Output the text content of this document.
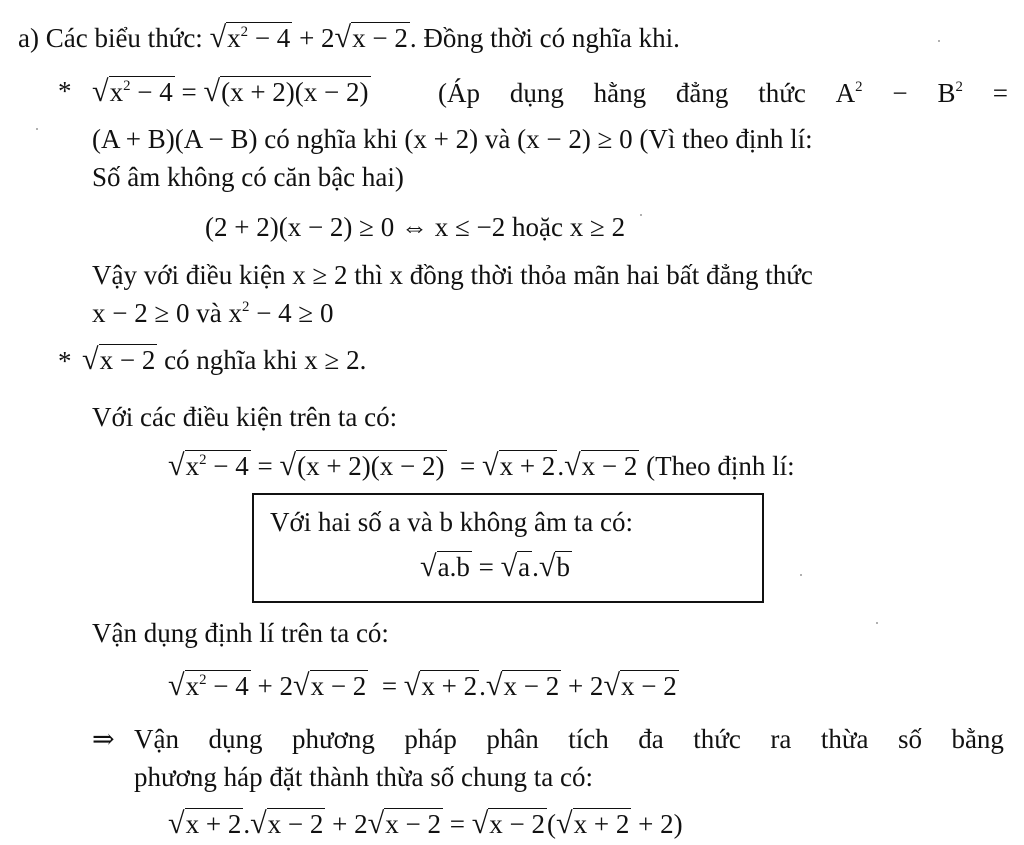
a) Các biểu thức: √ $x^2 - 4 + 2$ √ x − 2 . Đồng thời có nghĩa khi.
* √ $x^2 - 4$ = √ (x + 2)(x − 2)	(Áp dụng hằng đẳng thức $A^2 - B^2$ =
(A + B)(A − B) có nghĩa khi (x + 2) và (x − 2) ≥ 0 (Vì theo định lí:
Số âm không có căn bậc hai)
(2 + 2)(x − 2) ≥ 0 ⇔ x ≤ −2 hoặc x ≥ 2
Vậy với điều kiện x ≥ 2 thì x đồng thời thỏa mãn hai bất đẳng thức
x − 2 ≥ 0 và $x^2 - 4 \ge 0$
* √ x − 2 có nghĩa khi x ≥ 2.
Với các điều kiện trên ta có:
√ $x^2 - 4$ = √ (x + 2)(x − 2) = √ x + 2 . √ x − 2 (Theo định lí:
Với hai số a và b không âm ta có:
√ a.b = √ a . √ b
Vận dụng định lí trên ta có:
√ $x^2 - 4 + 2$ √ x − 2 = √ x + 2 . √ x − 2 + 2 √ x − 2
⇒ Vận dụng phương pháp phân tích đa thức ra thừa số bằng
phương háp đặt thành thừa số chung ta có:
√ x + 2 . √ x − 2 + 2 √ x − 2 = √ x − 2 ( √ x + 2 + 2)
